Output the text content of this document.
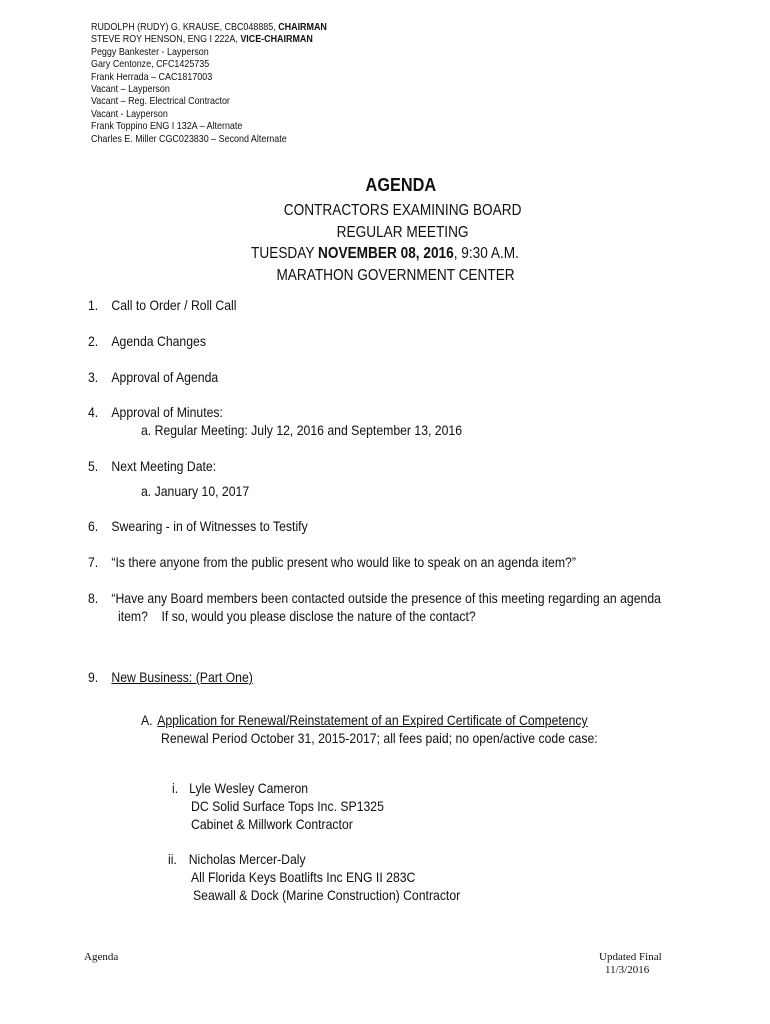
RUDOLPH (RUDY) G. KRAUSE, CBC048885, CHAIRMAN
STEVE ROY HENSON, ENG I 222A, VICE-CHAIRMAN
Peggy Bankester - Layperson
Gary Centonze, CFC1425735
Frank Herrada – CAC1817003
Vacant – Layperson
Vacant – Reg. Electrical Contractor
Vacant - Layperson
Frank Toppino ENG I 132A – Alternate
Charles E. Miller CGC023830 – Second Alternate
AGENDA
CONTRACTORS EXAMINING BOARD
REGULAR MEETING
TUESDAY NOVEMBER 08, 2016, 9:30 A.M.
MARATHON GOVERNMENT CENTER
1. Call to Order / Roll Call
2. Agenda Changes
3. Approval of Agenda
4. Approval of Minutes:
a. Regular Meeting: July 12, 2016 and September 13, 2016
5. Next Meeting Date:
a. January 10, 2017
6. Swearing - in of Witnesses to Testify
7. “Is there anyone from the public present who would like to speak on an agenda item?”
8. “Have any Board members been contacted outside the presence of this meeting regarding an agenda
item?    If so, would you please disclose the nature of the contact?
9. New Business: (Part One)
A. Application for Renewal/Reinstatement of an Expired Certificate of Competency
Renewal Period October 31, 2015-2017; all fees paid; no open/active code case:
i. Lyle Wesley Cameron
DC Solid Surface Tops Inc. SP1325
Cabinet & Millwork Contractor
ii. Nicholas Mercer-Daly
All Florida Keys Boatlifts Inc ENG II 283C
Seawall & Dock (Marine Construction) Contractor
Agenda	Updated Final
11/3/2016
